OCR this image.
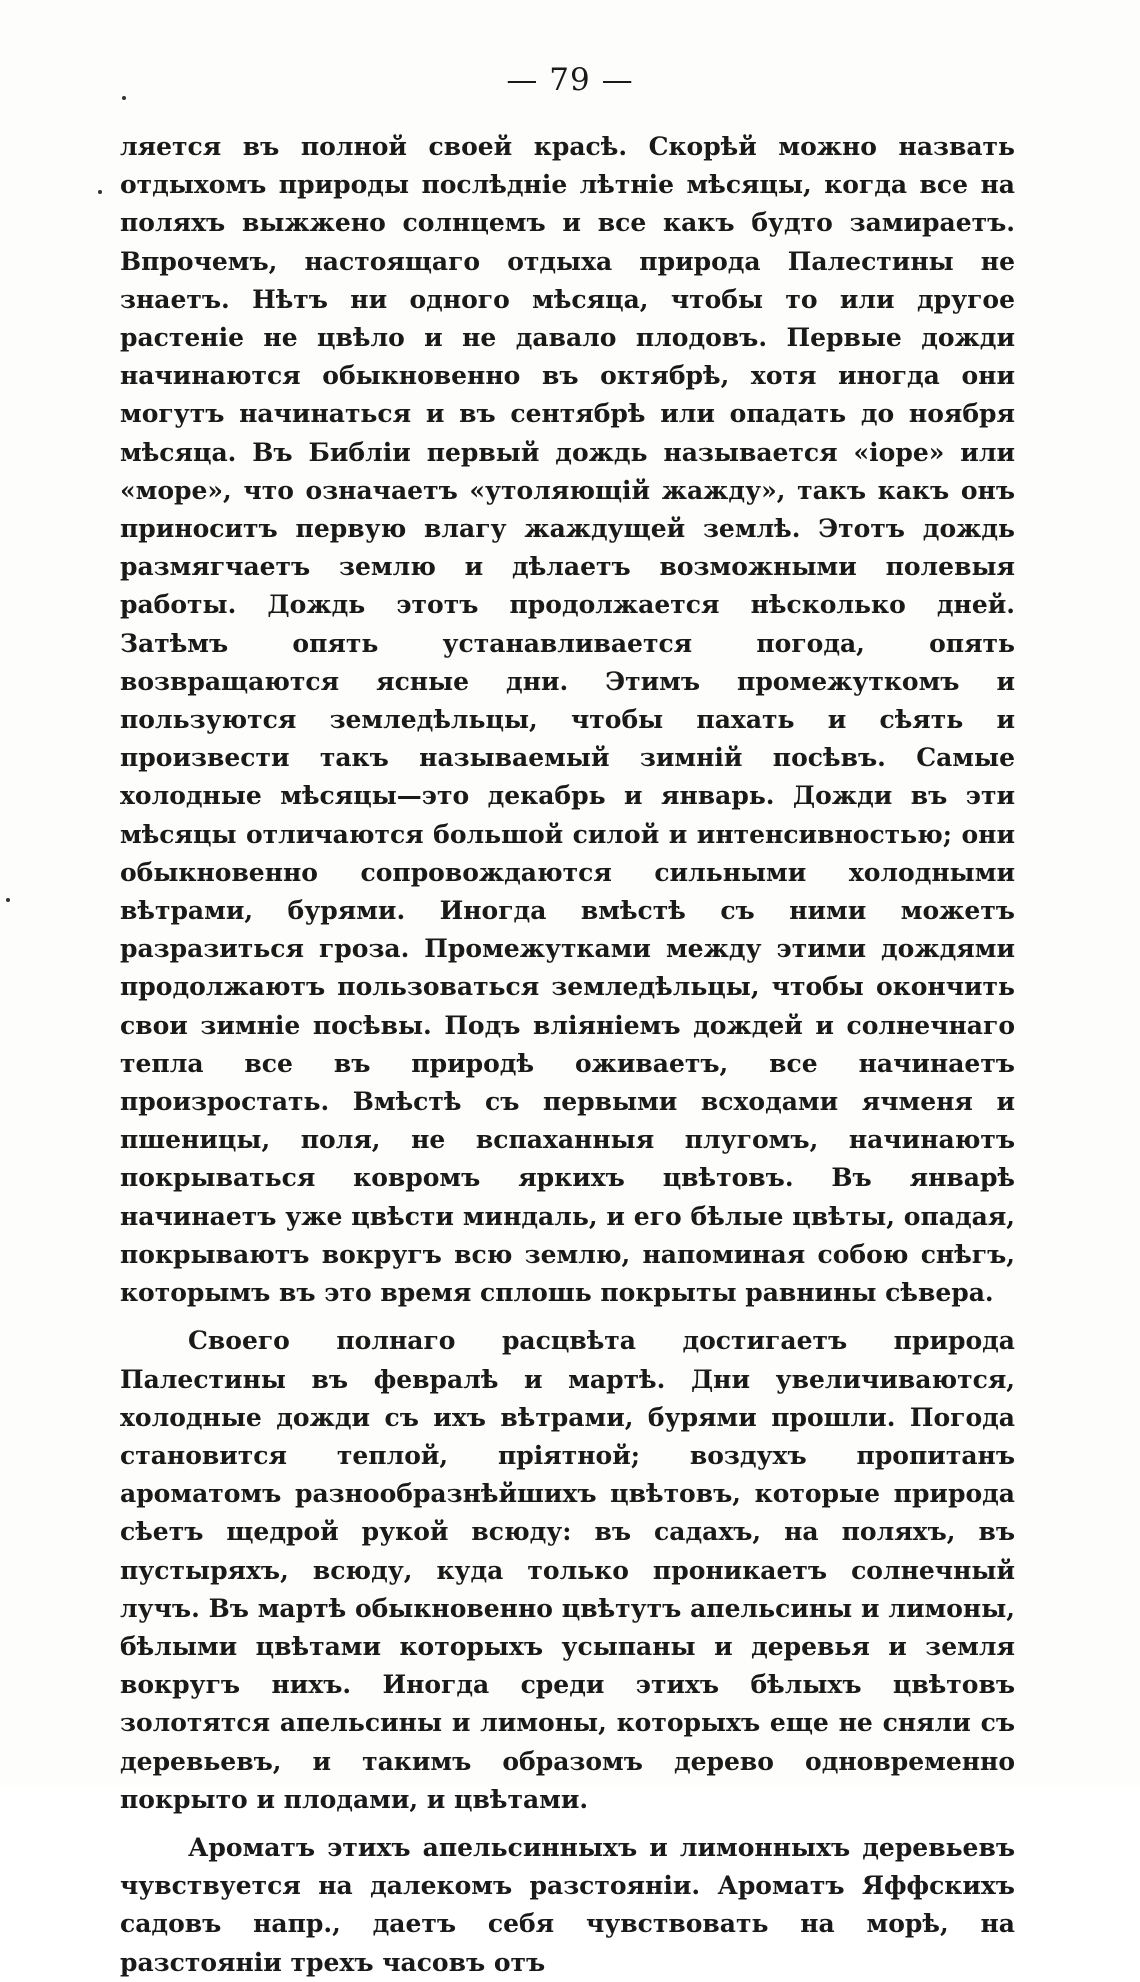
— 79 —

ляется въ полной своей красѣ. Скорѣй можно назвать отдыхомъ природы послѣдніе лѣтніе мѣсяцы, когда все на поляхъ выжжено солнцемъ и все какъ будто замираетъ. Впрочемъ, настоящаго отдыха природа Палестины не знаетъ. Нѣтъ ни одного мѣсяца, чтобы то или другое растеніе не цвѣло и не давало плодовъ. Первые дожди начинаются обыкновенно въ октябрѣ, хотя иногда они могутъ начинаться и въ сентябрѣ или опадать до ноября мѣсяца. Въ Библіи первый дождь называется «іоре» или «море», что означаетъ «утоляющій жажду», такъ какъ онъ приноситъ первую влагу жаждущей землѣ. Этотъ дождь размягчаетъ землю и дѣлаетъ возможными полевыя работы. Дождь этотъ продолжается нѣсколько дней. Затѣмъ опять устанавливается погода, опять возвращаются ясные дни. Этимъ промежуткомъ и пользуются земледѣльцы, чтобы пахать и сѣять и произвести такъ называемый зимній посѣвъ. Самые холодные мѣсяцы—это декабрь и январь. Дожди въ эти мѣсяцы отличаются большой силой и интенсивностью; они обыкновенно сопровождаются сильными холодными вѣтрами, бурями. Иногда вмѣстѣ съ ними можетъ разразиться гроза. Промежутками между этими дождями продолжаютъ пользоваться земледѣльцы, чтобы окончить свои зимніе посѣвы. Подъ вліяніемъ дождей и солнечнаго тепла все въ природѣ оживаетъ, все начинаетъ произростать. Вмѣстѣ съ первыми всходами ячменя и пшеницы, поля, не вспаханныя плугомъ, начинаютъ покрываться ковромъ яркихъ цвѣтовъ. Въ январѣ начинаетъ уже цвѣсти миндаль, и его бѣлые цвѣты, опадая, покрываютъ вокругъ всю землю, напоминая собою снѣгъ, которымъ въ это время сплошь покрыты равнины сѣвера.

Своего полнаго расцвѣта достигаетъ природа Палестины въ февралѣ и мартѣ. Дни увеличиваются, холодные дожди съ ихъ вѣтрами, бурями прошли. Погода становится теплой, пріятной; воздухъ пропитанъ ароматомъ разнообразнѣйшихъ цвѣтовъ, которые природа сѣетъ щедрой рукой всюду: въ садахъ, на поляхъ, въ пустыряхъ, всюду, куда только проникаетъ солнечный лучъ. Въ мартѣ обыкновенно цвѣтутъ апельсины и лимоны, бѣлыми цвѣтами которыхъ усыпаны и деревья и земля вокругъ нихъ. Иногда среди этихъ бѣлыхъ цвѣтовъ золотятся апельсины и лимоны, которыхъ еще не сняли съ деревьевъ, и такимъ образомъ дерево одновременно покрыто и плодами, и цвѣтами.

Ароматъ этихъ апельсинныхъ и лимонныхъ деревьевъ чувствуется на далекомъ разстояніи. Ароматъ Яффскихъ садовъ напр., даетъ себя чувствовать на морѣ, на разстояніи трехъ часовъ отъ
